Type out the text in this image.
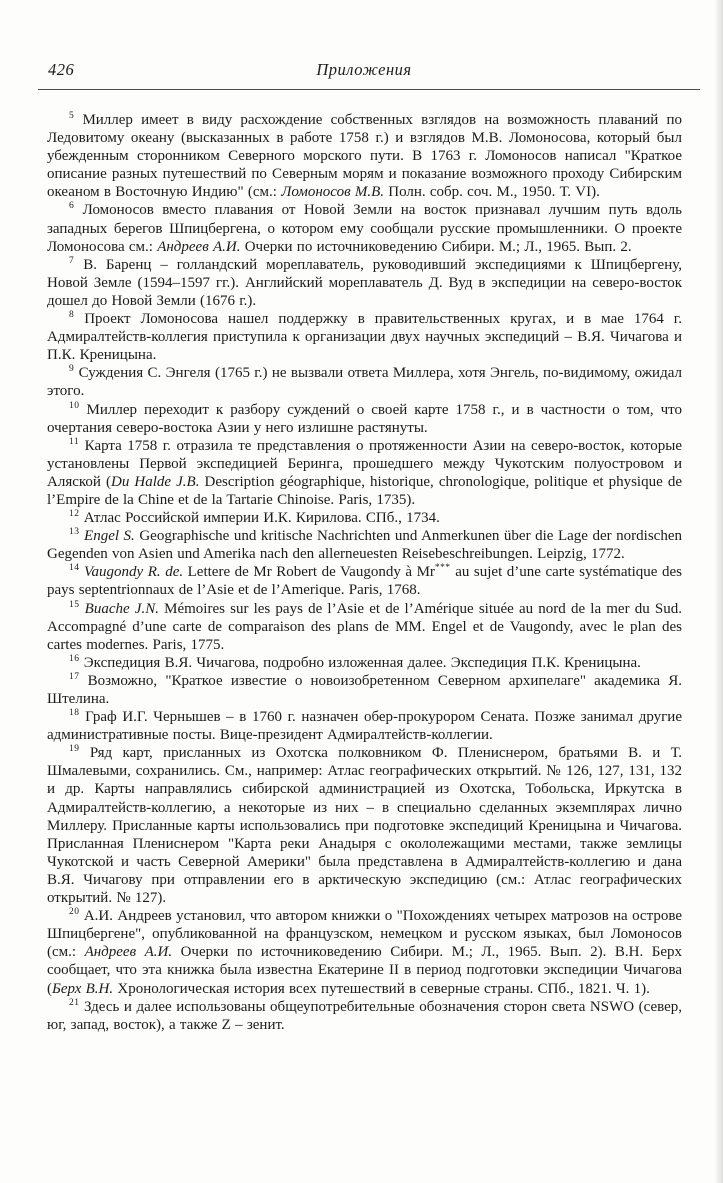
426	Приложения

$^5$ Миллер имеет в виду расхождение собственных взглядов на возможность плаваний по Ледовитому океану (высказанных в работе 1758 г.) и взглядов М.В. Ломоносова, который был убежденным сторонником Северного морского пути. В 1763 г. Ломоносов написал "Краткое описание разных путешествий по Северным морям и показание возможного проходу Сибирским океаном в Восточную Индию" (см.: Ломоносов М.В. Полн. собр. соч. М., 1950. Т. VI).

$^6$ Ломоносов вместо плавания от Новой Земли на восток признавал лучшим путь вдоль западных берегов Шпицбергена, о котором ему сообщали русские промышленники. О проекте Ломоносова см.: Андреев А.И. Очерки по источниковедению Сибири. М.; Л., 1965. Вып. 2.

$^7$ В. Баренц – голландский мореплаватель, руководивший экспедициями к Шпицбергену, Новой Земле (1594–1597 гг.). Английский мореплаватель Д. Вуд в экспедиции на северо-восток дошел до Новой Земли (1676 г.).

$^8$ Проект Ломоносова нашел поддержку в правительственных кругах, и в мае 1764 г. Адмиралтейств-коллегия приступила к организации двух научных экспедиций – В.Я. Чичагова и П.К. Креницына.

$^9$ Суждения С. Энгеля (1765 г.) не вызвали ответа Миллера, хотя Энгель, по-видимому, ожидал этого.

$^{10}$ Миллер переходит к разбору суждений о своей карте 1758 г., и в частности о том, что очертания северо-востока Азии у него излишне растянуты.

$^{11}$ Карта 1758 г. отразила те представления о протяженности Азии на северо-восток, которые установлены Первой экспедицией Беринга, прошедшего между Чукотским полуостровом и Аляской (Du Halde J.B. Description géographique, historique, chronologique, politique et physique de l’Empire de la Chine et de la Tartarie Chinoise. Paris, 1735).

$^{12}$ Атлас Российской империи И.К. Кирилова. СПб., 1734.

$^{13}$ Engel S. Geographische und kritische Nachrichten und Anmerkunen über die Lage der nordischen Gegenden von Asien und Amerika nach den allerneuesten Reisebeschreibungen. Leipzig, 1772.

$^{14}$ Vaugondy R. de. Lettere de Mr Robert de Vaugondy à Mr*** au sujet d’une carte systématique des pays septentrionnaux de l’Asie et de l’Amerique. Paris, 1768.

$^{15}$ Buache J.N. Mémoires sur les pays de l’Asie et de l’Amérique située au nord de la mer du Sud. Accompagné d’une carte de comparaison des plans de MM. Engel et de Vaugondy, avec le plan des cartes modernes. Paris, 1775.

$^{16}$ Экспедиция В.Я. Чичагова, подробно изложенная далее. Экспедиция П.К. Креницына.

$^{17}$ Возможно, "Краткое известие о новоизобретенном Северном архипелаге" академика Я. Штелина.

$^{18}$ Граф И.Г. Чернышев – в 1760 г. назначен обер-прокурором Сената. Позже занимал другие административные посты. Вице-президент Адмиралтейств-коллегии.

$^{19}$ Ряд карт, присланных из Охотска полковником Ф. Плениснером, братьями В. и Т. Шмалевыми, сохранились. См., например: Атлас географических открытий. № 126, 127, 131, 132 и др. Карты направлялись сибирской администрацией из Охотска, Тобольска, Иркутска в Адмиралтейств-коллегию, а некоторые из них – в специально сделанных экземплярах лично Миллеру. Присланные карты использовались при подготовке экспедиций Креницына и Чичагова. Присланная Плениснером "Карта реки Анадыря с окололежащими местами, также землицы Чукотской и часть Северной Америки" была представлена в Адмиралтейств-коллегию и дана В.Я. Чичагову при отправлении его в арктическую экспедицию (см.: Атлас географических открытий. № 127).

$^{20}$ А.И. Андреев установил, что автором книжки о "Похождениях четырех матрозов на острове Шпицбергене", опубликованной на французском, немецком и русском языках, был Ломоносов (см.: Андреев А.И. Очерки по источниковедению Сибири. М.; Л., 1965. Вып. 2). В.Н. Берх сообщает, что эта книжка была известна Екатерине II в период подготовки экспедиции Чичагова (Берх В.Н. Хронологическая история всех путешествий в северные страны. СПб., 1821. Ч. 1).

$^{21}$ Здесь и далее использованы общеупотребительные обозначения сторон света NSWO (север, юг, запад, восток), а также Z – зенит.
